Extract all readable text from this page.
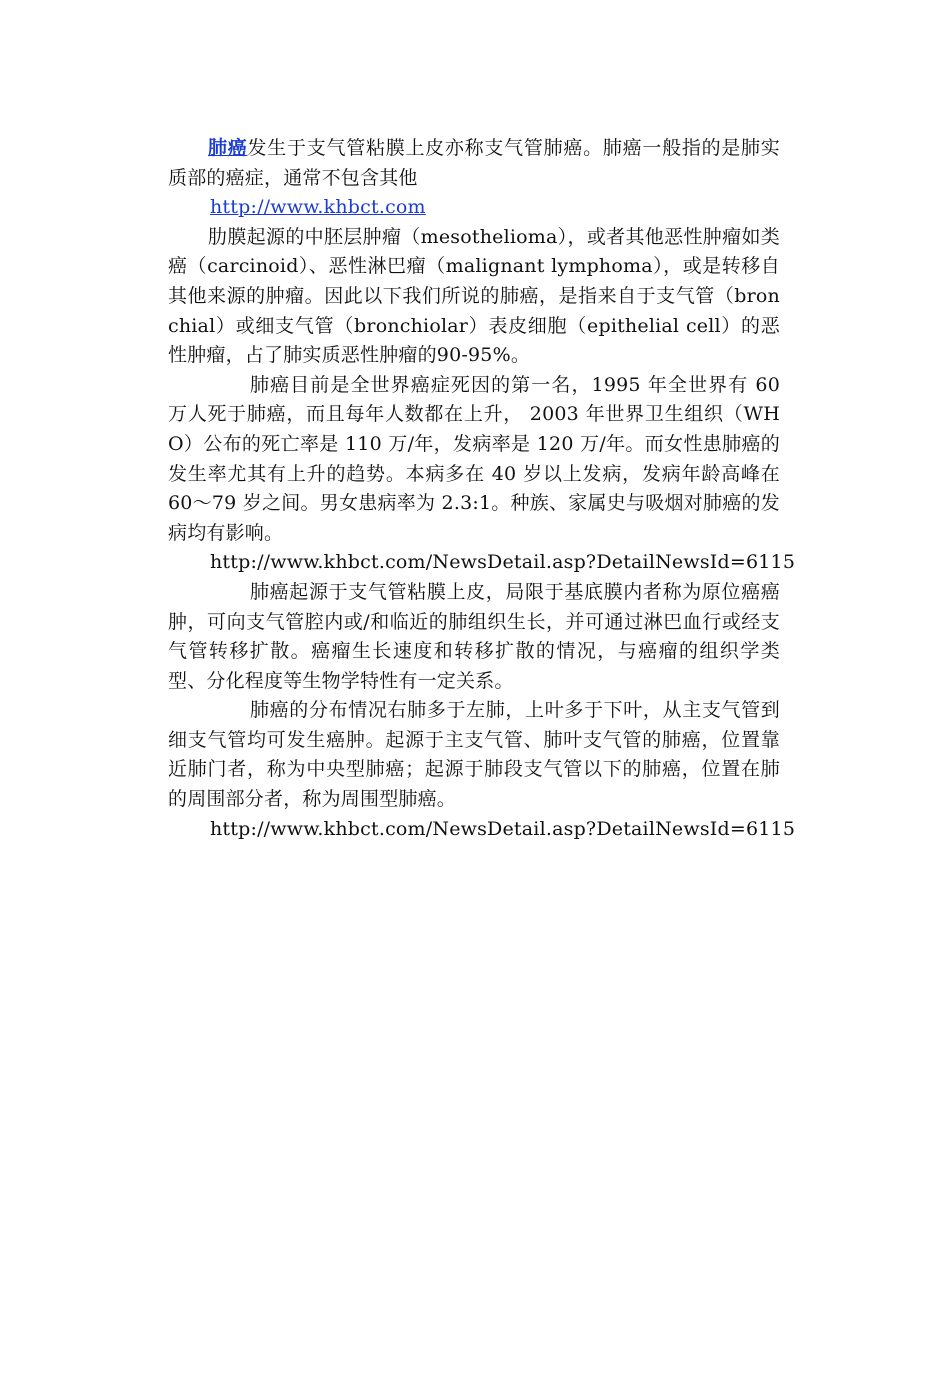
肺癌发生于支气管粘膜上皮亦称支气管肺癌。肺癌一般指的是肺实质部的癌症，通常不包含其他

http://www.khbct.com

肋膜起源的中胚层肿瘤（mesothelioma），或者其他恶性肿瘤如类癌（carcinoid）、恶性淋巴瘤（malignant lymphoma），或是转移自其他来源的肿瘤。因此以下我们所说的肺癌，是指来自于支气管（bronchial）或细支气管（bronchiolar）表皮细胞（epithelial cell）的恶性肿瘤，占了肺实质恶性肿瘤的90-95%。

肺癌目前是全世界癌症死因的第一名，1995 年全世界有 60 万人死于肺癌，而且每年人数都在上升， 2003 年世界卫生组织（WHO）公布的死亡率是 110 万/年，发病率是 120 万/年。而女性患肺癌的发生率尤其有上升的趋势。本病多在 40 岁以上发病，发病年龄高峰在 60～79 岁之间。男女患病率为 2.3:1。种族、家属史与吸烟对肺癌的发病均有影响。

http://www.khbct.com/NewsDetail.asp?DetailNewsId=6115

肺癌起源于支气管粘膜上皮，局限于基底膜内者称为原位癌癌肿，可向支气管腔内或/和临近的肺组织生长，并可通过淋巴血行或经支气管转移扩散。癌瘤生长速度和转移扩散的情况，与癌瘤的组织学类型、分化程度等生物学特性有一定关系。

肺癌的分布情况右肺多于左肺，上叶多于下叶，从主支气管到细支气管均可发生癌肿。起源于主支气管、肺叶支气管的肺癌，位置靠近肺门者，称为中央型肺癌；起源于肺段支气管以下的肺癌，位置在肺的周围部分者，称为周围型肺癌。

http://www.khbct.com/NewsDetail.asp?DetailNewsId=6115
